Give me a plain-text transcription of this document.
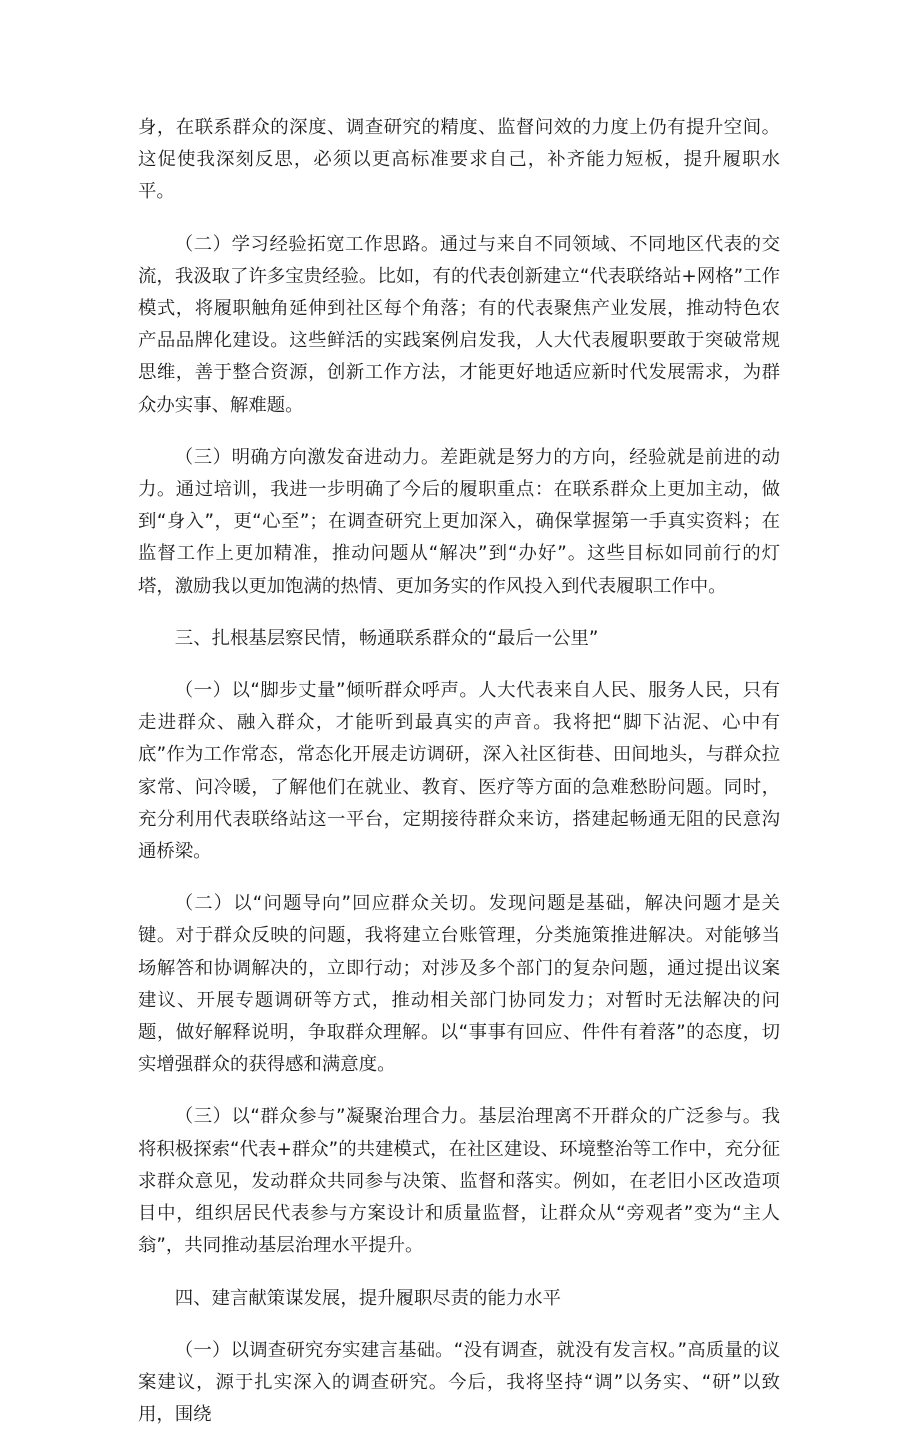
身，在联系群众的深度、调查研究的精度、监督问效的力度上仍有提升空间。这促使我深刻反思，必须以更高标准要求自己，补齐能力短板，提升履职水平。

（二）学习经验拓宽工作思路。通过与来自不同领域、不同地区代表的交流，我汲取了许多宝贵经验。比如，有的代表创新建立“代表联络站+网格”工作模式，将履职触角延伸到社区每个角落；有的代表聚焦产业发展，推动特色农产品品牌化建设。这些鲜活的实践案例启发我，人大代表履职要敢于突破常规思维，善于整合资源，创新工作方法，才能更好地适应新时代发展需求，为群众办实事、解难题。

（三）明确方向激发奋进动力。差距就是努力的方向，经验就是前进的动力。通过培训，我进一步明确了今后的履职重点：在联系群众上更加主动，做到“身入”，更“心至”；在调查研究上更加深入，确保掌握第一手真实资料；在监督工作上更加精准，推动问题从“解决”到“办好”。这些目标如同前行的灯塔，激励我以更加饱满的热情、更加务实的作风投入到代表履职工作中。

三、扎根基层察民情，畅通联系群众的“最后一公里”

（一）以“脚步丈量”倾听群众呼声。人大代表来自人民、服务人民，只有走进群众、融入群众，才能听到最真实的声音。我将把“脚下沾泥、心中有底”作为工作常态，常态化开展走访调研，深入社区街巷、田间地头，与群众拉家常、问冷暖，了解他们在就业、教育、医疗等方面的急难愁盼问题。同时，充分利用代表联络站这一平台，定期接待群众来访，搭建起畅通无阻的民意沟通桥梁。

（二）以“问题导向”回应群众关切。发现问题是基础，解决问题才是关键。对于群众反映的问题，我将建立台账管理，分类施策推进解决。对能够当场解答和协调解决的，立即行动；对涉及多个部门的复杂问题，通过提出议案建议、开展专题调研等方式，推动相关部门协同发力；对暂时无法解决的问题，做好解释说明，争取群众理解。以“事事有回应、件件有着落”的态度，切实增强群众的获得感和满意度。

（三）以“群众参与”凝聚治理合力。基层治理离不开群众的广泛参与。我将积极探索“代表+群众”的共建模式，在社区建设、环境整治等工作中，充分征求群众意见，发动群众共同参与决策、监督和落实。例如，在老旧小区改造项目中，组织居民代表参与方案设计和质量监督，让群众从“旁观者”变为“主人翁”，共同推动基层治理水平提升。

四、建言献策谋发展，提升履职尽责的能力水平

（一）以调查研究夯实建言基础。“没有调查，就没有发言权。”高质量的议案建议，源于扎实深入的调查研究。今后，我将坚持“调”以务实、“研”以致用，围绕
